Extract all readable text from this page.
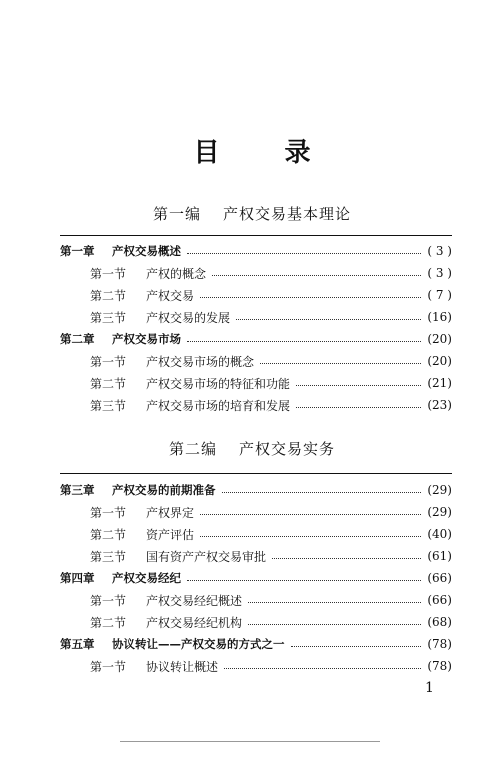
目 录
第一编 产权交易基本理论
第一章	产权交易概述	( 3 )
第一节	产权的概念	( 3 )
第二节	产权交易	( 7 )
第三节	产权交易的发展	(16)
第二章	产权交易市场	(20)
第一节	产权交易市场的概念	(20)
第二节	产权交易市场的特征和功能	(21)
第三节	产权交易市场的培育和发展	(23)
第二编 产权交易实务
第三章	产权交易的前期准备	(29)
第一节	产权界定	(29)
第二节	资产评估	(40)
第三节	国有资产产权交易审批	(61)
第四章	产权交易经纪	(66)
第一节	产权交易经纪概述	(66)
第二节	产权交易经纪机构	(68)
第五章	协议转让——产权交易的方式之一	(78)
第一节	协议转让概述	(78)
1
